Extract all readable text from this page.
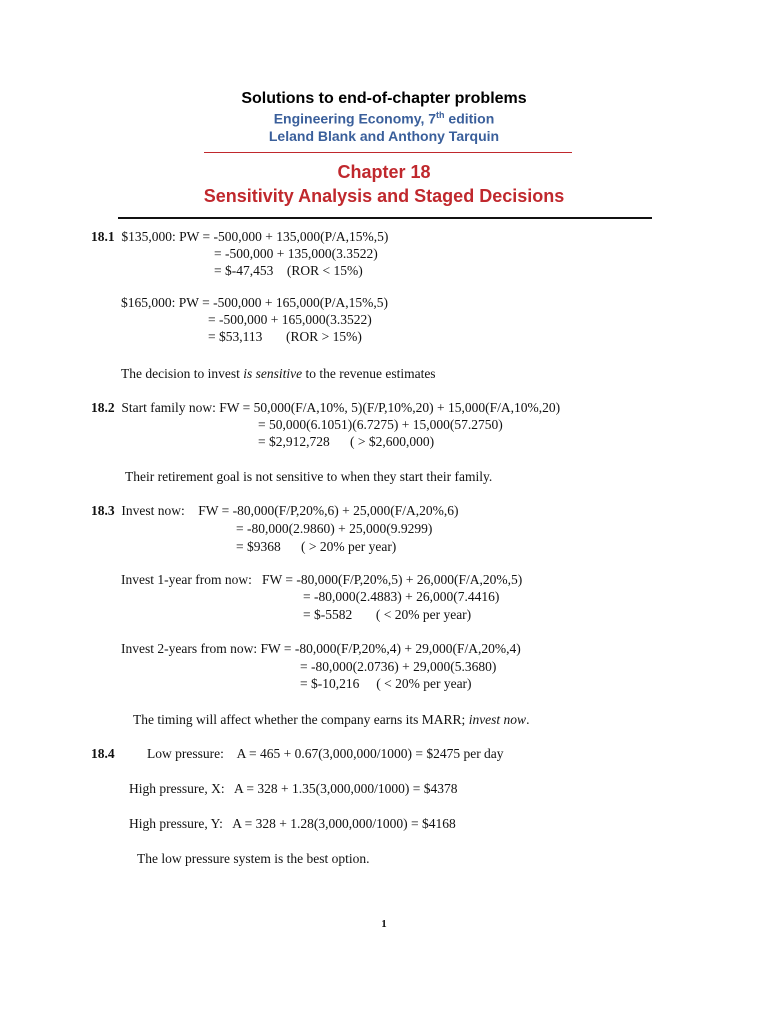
Solutions to end-of-chapter problems
Engineering Economy, 7th edition
Leland Blank and Anthony Tarquin
Chapter 18
Sensitivity Analysis and Staged Decisions
18.1  $135,000: PW = -500,000 + 135,000(P/A,15%,5)
= -500,000 + 135,000(3.3522)
= $-47,453    (ROR < 15%)
$165,000: PW = -500,000 + 165,000(P/A,15%,5)
= -500,000 + 165,000(3.3522)
= $53,113       (ROR > 15%)
The decision to invest is sensitive to the revenue estimates
18.2  Start family now: FW = 50,000(F/A,10%, 5)(F/P,10%,20) + 15,000(F/A,10%,20)
= 50,000(6.1051)(6.7275) + 15,000(57.2750)
= $2,912,728      ( > $2,600,000)
Their retirement goal is not sensitive to when they start their family.
18.3  Invest now:    FW = -80,000(F/P,20%,6) + 25,000(F/A,20%,6)
= -80,000(2.9860) + 25,000(9.9299)
= $9368      ( > 20% per year)
Invest 1-year from now:   FW = -80,000(F/P,20%,5) + 26,000(F/A,20%,5)
= -80,000(2.4883) + 26,000(7.4416)
= $-5582       ( < 20% per year)
Invest 2-years from now: FW = -80,000(F/P,20%,4) + 29,000(F/A,20%,4)
= -80,000(2.0736) + 29,000(5.3680)
= $-10,216     ( < 20% per year)
The timing will affect whether the company earns its MARR; invest now.
18.4 Low pressure:    A = 465 + 0.67(3,000,000/1000) = $2475 per day
High pressure, X:   A = 328 + 1.35(3,000,000/1000) = $4378
High pressure, Y:   A = 328 + 1.28(3,000,000/1000) = $4168
The low pressure system is the best option.
1
